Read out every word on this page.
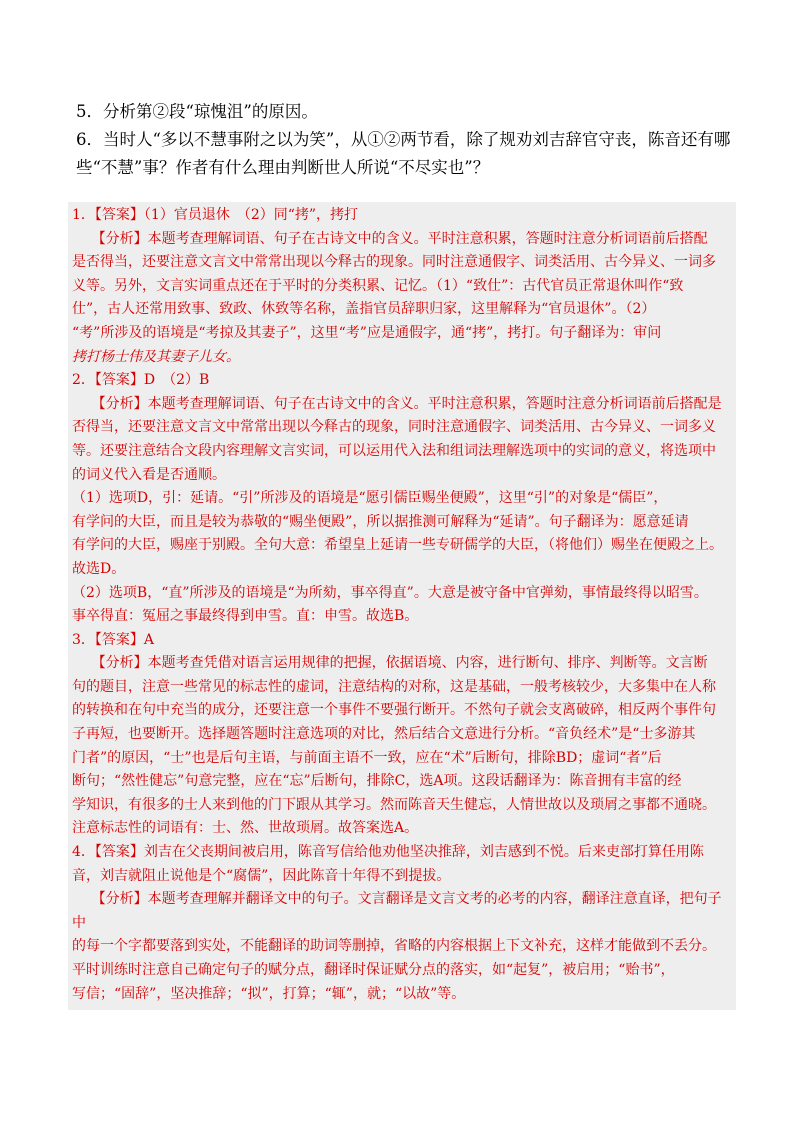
5．分析第②段“琼愧沮”的原因。

6．当时人“多以不慧事附之以为笑”，从①②两节看，除了规劝刘吉辞官守丧，陈音还有哪

些“不慧”事？作者有什么理由判断世人所说“不尽实也”？

1．【答案】（1）官员退休　（2）同“拷”，拷打

【分析】本题考查理解词语、句子在古诗文中的含义。平时注意积累，答题时注意分析词语前后搭配

是否得当，还要注意文言文中常常出现以今释古的现象。同时注意通假字、词类活用、古今异义、一词多

义等。另外，文言实词重点还在于平时的分类积累、记忆。（1）“致仕”：古代官员正常退休叫作“致

仕”，古人还常用致事、致政、休致等名称，盖指官员辞职归家，这里解释为“官员退休”。（2）

“考”所涉及的语境是“考掠及其妻子”，这里“考”应是通假字，通“拷”，拷打。句子翻译为：审问

拷打杨士伟及其妻子儿女。

2．【答案】D　（2）B

【分析】本题考查理解词语、句子在古诗文中的含义。平时注意积累，答题时注意分析词语前后搭配是

否得当，还要注意文言文中常常出现以今释古的现象，同时注意通假字、词类活用、古今异义、一词多义

等。还要注意结合文段内容理解文言实词，可以运用代入法和组词法理解选项中的实词的意义，将选项中

的词义代入看是否通顺。

（1）选项D，引：延请。“引”所涉及的语境是“愿引儒臣赐坐便殿”，这里“引”的对象是“儒臣”，

有学问的大臣，而且是较为恭敬的“赐坐便殿”，所以据推测可解释为“延请”。句子翻译为：愿意延请

有学问的大臣，赐座于别殿。全句大意：希望皇上延请一些专研儒学的大臣，（将他们）赐坐在便殿之上。

故选D。

（2）选项B，“直”所涉及的语境是“为所劾，事卒得直”。大意是被守备中官弹劾，事情最终得以昭雪。

事卒得直：冤屈之事最终得到申雪。直：申雪。故选B。

3．【答案】A

【分析】本题考查凭借对语言运用规律的把握，依据语境、内容，进行断句、排序、判断等。文言断

句的题目，注意一些常见的标志性的虚词，注意结构的对称，这是基础，一般考核较少，大多集中在人称

的转换和在句中充当的成分，还要注意一个事件不要强行断开。不然句子就会支离破碎，相反两个事件句

子再短，也要断开。选择题答题时注意选项的对比，然后结合文意进行分析。“音负经术”是“士多游其

门者”的原因，“士”也是后句主语，与前面主语不一致，应在“术”后断句，排除BD；虚词“者”后

断句；“然性健忘”句意完整，应在“忘”后断句，排除C，选A项。这段话翻译为：陈音拥有丰富的经

学知识，有很多的士人来到他的门下跟从其学习。然而陈音天生健忘，人情世故以及琐屑之事都不通晓。

注意标志性的词语有：士、然、世故琐屑。故答案选A。

4．【答案】刘吉在父丧期间被启用，陈音写信给他劝他坚决推辞，刘吉感到不悦。后来吏部打算任用陈

音，刘吉就阻止说他是个“腐儒”，因此陈音十年得不到提拔。

【分析】本题考查理解并翻译文中的句子。文言翻译是文言文考的必考的内容，翻译注意直译，把句子中

的每一个字都要落到实处，不能翻译的助词等删掉，省略的内容根据上下文补充，这样才能做到不丢分。

平时训练时注意自己确定句子的赋分点，翻译时保证赋分点的落实，如“起复”，被启用；“贻书”，

写信；“固辞”，坚决推辞；“拟”，打算；“辄”，就；“以故”等。
